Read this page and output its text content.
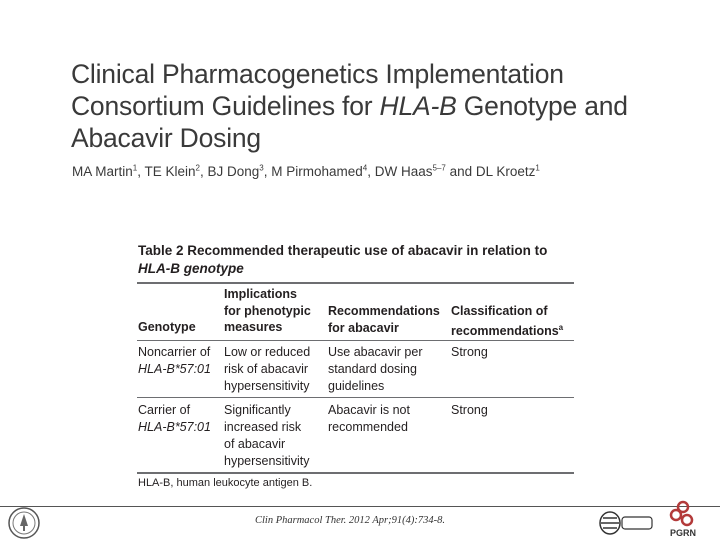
Clinical Pharmacogenetics Implementation
Consortium Guidelines for HLA-B Genotype and
Abacavir Dosing
MA Martin$^1$, TE Klein$^2$, BJ Dong$^3$, M Pirmohamed$^4$, DW Haas$^{5-7}$ and DL Kroetz$^1$
Table 2 Recommended therapeutic use of abacavir in relation to
HLA-B genotype
Genotype
Implications
for phenotypic
measures
Recommendations
for abacavir
Classification of
recommendations$^a$
Noncarrier of
HLA-B*57:01
Low or reduced
risk of abacavir
hypersensitivity
Use abacavir per
standard dosing
guidelines
Strong
Carrier of
HLA-B*57:01
Significantly
increased risk
of abacavir
hypersensitivity
Abacavir is not
recommended
Strong
HLA-B, human leukocyte antigen B.
Clin Pharmacol Ther. 2012 Apr;91(4):734-8.
PGRN
